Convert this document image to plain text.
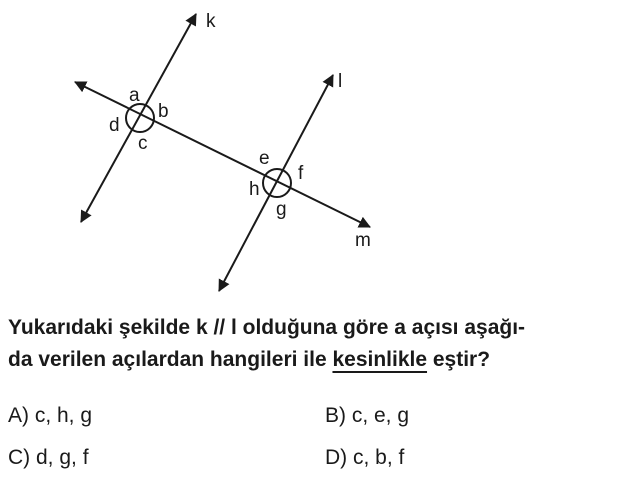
k
l
m
a
b
c
d
e
f
g
h
Yukarıdaki şekilde k // l olduğuna göre a açısı aşağı-
da verilen açılardan hangileri ile kesinlikle eştir?
A) c, h, g	B) c, e, g
C) d, g, f	D) c, b, f
